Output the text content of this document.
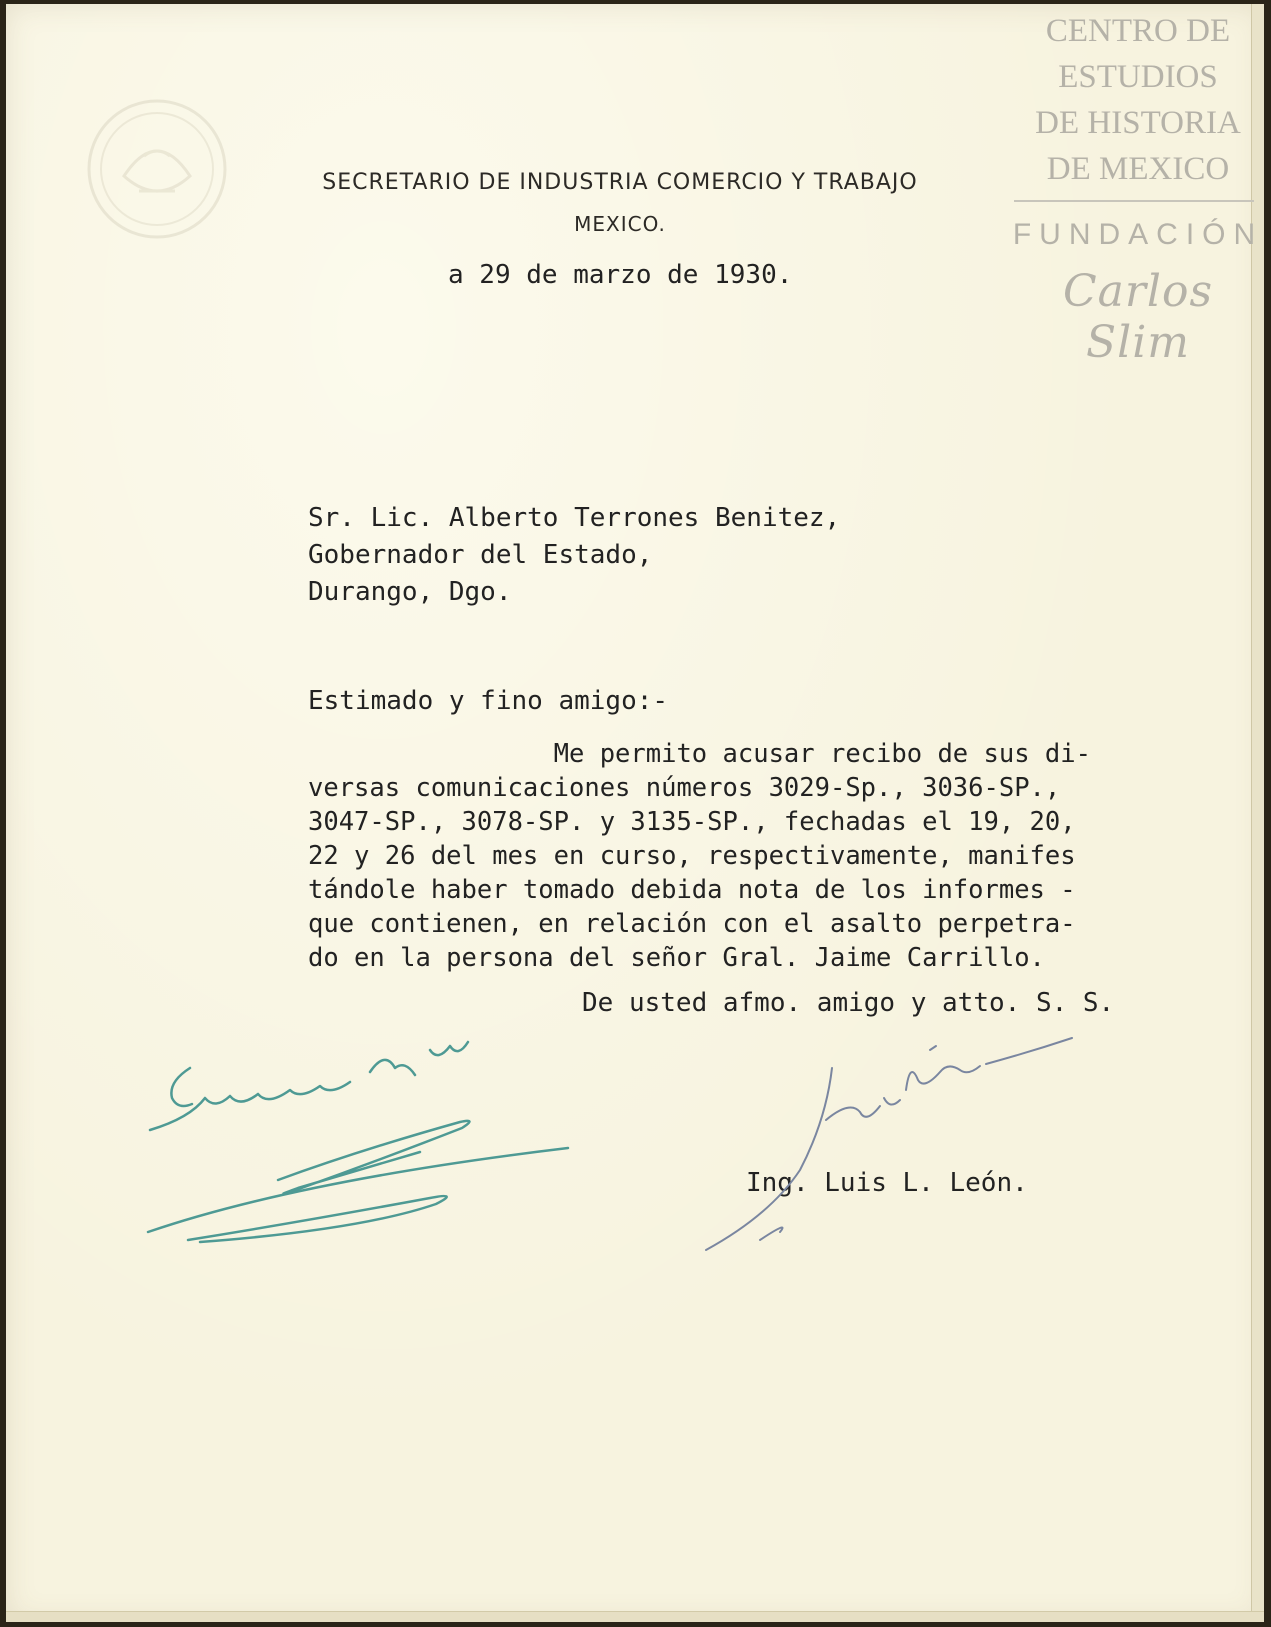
SECRETARIO DE INDUSTRIA COMERCIO Y TRABAJO
MEXICO.
a 29 de marzo de 1930.
Sr. Lic. Alberto Terrones Benitez,
Gobernador del Estado,
Durango, Dgo.
Estimado y fino amigo:-
Me permito acusar recibo de sus di-
versas comunicaciones números 3029-Sp., 3036-SP.,
3047-SP., 3078-SP. y 3135-SP., fechadas el 19, 20,
22 y 26 del mes en curso, respectivamente, manifes
tándole haber tomado debida nota de los informes -
que contienen, en relación con el asalto perpetra-
do en la persona del señor Gral. Jaime Carrillo.
De usted afmo. amigo y atto. S. S.
Ing. Luis L. León.
CENTRO DE
ESTUDIOS
DE HISTORIA
DE MEXICO
FUNDACIÓN
Carlos Slim
